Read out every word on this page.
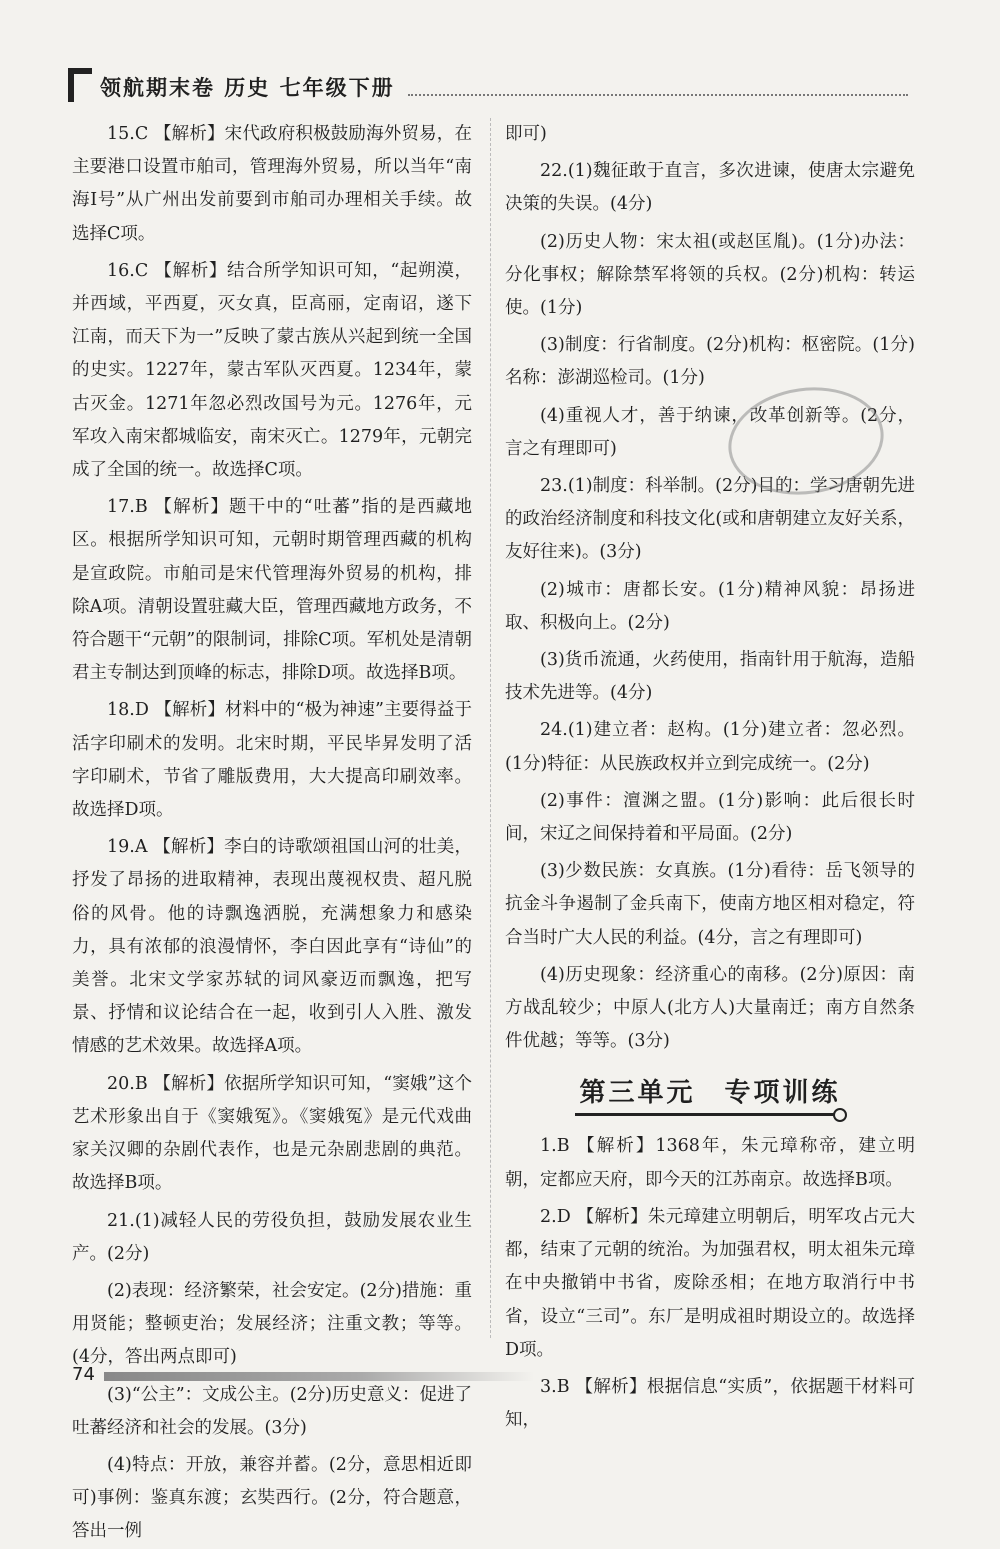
领航期末卷 历史 七年级下册

15.C 【解析】宋代政府积极鼓励海外贸易，在主要港口设置市舶司，管理海外贸易，所以当年“南海Ⅰ号”从广州出发前要到市舶司办理相关手续。故选择C项。

16.C 【解析】结合所学知识可知，“起朔漠，并西域，平西夏，灭女真，臣高丽，定南诏，遂下江南，而天下为一”反映了蒙古族从兴起到统一全国的史实。1227年，蒙古军队灭西夏。1234年，蒙古灭金。1271年忽必烈改国号为元。1276年，元军攻入南宋都城临安，南宋灭亡。1279年，元朝完成了全国的统一。故选择C项。

17.B 【解析】题干中的“吐蕃”指的是西藏地区。根据所学知识可知，元朝时期管理西藏的机构是宣政院。市舶司是宋代管理海外贸易的机构，排除A项。清朝设置驻藏大臣，管理西藏地方政务，不符合题干“元朝”的限制词，排除C项。军机处是清朝君主专制达到顶峰的标志，排除D项。故选择B项。

18.D 【解析】材料中的“极为神速”主要得益于活字印刷术的发明。北宋时期，平民毕昇发明了活字印刷术，节省了雕版费用，大大提高印刷效率。故选择D项。

19.A 【解析】李白的诗歌颂祖国山河的壮美，抒发了昂扬的进取精神，表现出蔑视权贵、超凡脱俗的风骨。他的诗飘逸洒脱，充满想象力和感染力，具有浓郁的浪漫情怀，李白因此享有“诗仙”的美誉。北宋文学家苏轼的词风豪迈而飘逸，把写景、抒情和议论结合在一起，收到引人入胜、激发情感的艺术效果。故选择A项。

20.B 【解析】依据所学知识可知，“窦娥”这个艺术形象出自于《窦娥冤》。《窦娥冤》是元代戏曲家关汉卿的杂剧代表作，也是元杂剧悲剧的典范。故选择B项。

21.(1)减轻人民的劳役负担，鼓励发展农业生产。(2分)

(2)表现：经济繁荣，社会安定。(2分)措施：重用贤能；整顿吏治；发展经济；注重文教；等等。(4分，答出两点即可)

(3)“公主”：文成公主。(2分)历史意义：促进了吐蕃经济和社会的发展。(3分)

(4)特点：开放，兼容并蓄。(2分，意思相近即可)事例：鉴真东渡；玄奘西行。(2分，符合题意，答出一例

即可)

22.(1)魏征敢于直言，多次进谏，使唐太宗避免决策的失误。(4分)

(2)历史人物：宋太祖(或赵匡胤)。(1分)办法：分化事权；解除禁军将领的兵权。(2分)机构：转运使。(1分)

(3)制度：行省制度。(2分)机构：枢密院。(1分)名称：澎湖巡检司。(1分)

(4)重视人才，善于纳谏，改革创新等。(2分，言之有理即可)

23.(1)制度：科举制。(2分)目的：学习唐朝先进的政治经济制度和科技文化(或和唐朝建立友好关系，友好往来)。(3分)

(2)城市：唐都长安。(1分)精神风貌：昂扬进取、积极向上。(2分)

(3)货币流通，火药使用，指南针用于航海，造船技术先进等。(4分)

24.(1)建立者：赵构。(1分)建立者：忽必烈。(1分)特征：从民族政权并立到完成统一。(2分)

(2)事件：澶渊之盟。(1分)影响：此后很长时间，宋辽之间保持着和平局面。(2分)

(3)少数民族：女真族。(1分)看待：岳飞领导的抗金斗争遏制了金兵南下，使南方地区相对稳定，符合当时广大人民的利益。(4分，言之有理即可)

(4)历史现象：经济重心的南移。(2分)原因：南方战乱较少；中原人(北方人)大量南迁；南方自然条件优越；等等。(3分)

第三单元　专项训练

1.B 【解析】1368年，朱元璋称帝，建立明朝，定都应天府，即今天的江苏南京。故选择B项。

2.D 【解析】朱元璋建立明朝后，明军攻占元大都，结束了元朝的统治。为加强君权，明太祖朱元璋在中央撤销中书省，废除丞相；在地方取消行中书省，设立“三司”。东厂是明成祖时期设立的。故选择D项。

3.B 【解析】根据信息“实质”，依据题干材料可知，

74
